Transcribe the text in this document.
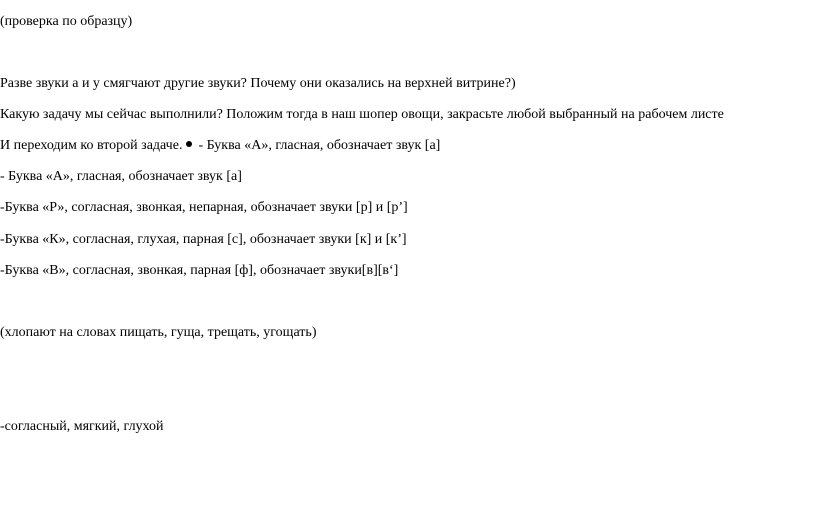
(проверка по образцу)
Разве звуки а и у смягчают другие звуки? Почему они оказались на верхней витрине?)
Какую задачу мы сейчас выполнили? Положим тогда в наш шопер овощи, закрасьте любой выбранный на рабочем листе
И переходим ко второй задаче. - Буква «А», гласная, обозначает звук [а]
- Буква «А», гласная, обозначает звук [а]
-Буква «Р», согласная, звонкая, непарная, обозначает звуки [р] и [р’]
-Буква «К», согласная, глухая, парная [с], обозначает звуки [к] и [к’]
-Буква «В», согласная, звонкая, парная [ф], обозначает звуки[в][в‘]
(хлопают на словах пищать, гуща, трещать, угощать)
-согласный, мягкий, глухой
